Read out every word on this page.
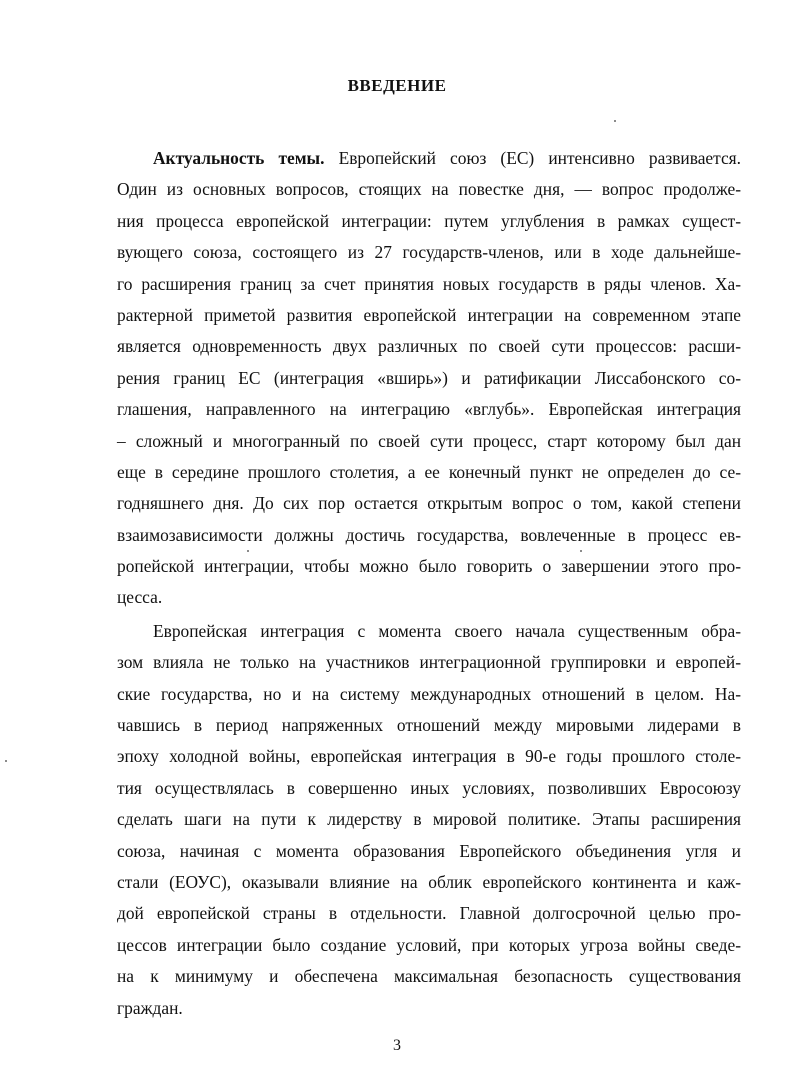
ВВЕДЕНИЕ
Актуальность темы. Европейский союз (ЕС) интенсивно развивается.
Один из основных вопросов, стоящих на повестке дня, — вопрос продолже-
ния процесса европейской интеграции: путем углубления в рамках сущест-
вующего союза, состоящего из 27 государств-членов, или в ходе дальнейше-
го расширения границ за счет принятия новых государств в ряды членов. Ха-
рактерной приметой развития европейской интеграции на современном этапе
является одновременность двух различных по своей сути процессов: расши-
рения границ ЕС (интеграция «вширь») и ратификации Лиссабонского со-
глашения, направленного на интеграцию «вглубь». Европейская интеграция
– сложный и многогранный по своей сути процесс, старт которому был дан
еще в середине прошлого столетия, а ее конечный пункт не определен до се-
годняшнего дня. До сих пор остается открытым вопрос о том, какой степени
взаимозависимости должны достичь государства, вовлеченные в процесс ев-
ропейской интеграции, чтобы можно было говорить о завершении этого про-
цесса.
Европейская интеграция с момента своего начала существенным обра-
зом влияла не только на участников интеграционной группировки и европей-
ские государства, но и на систему международных отношений в целом. На-
чавшись в период напряженных отношений между мировыми лидерами в
эпоху холодной войны, европейская интеграция в 90-е годы прошлого столе-
тия осуществлялась в совершенно иных условиях, позволивших Евросоюзу
сделать шаги на пути к лидерству в мировой политике. Этапы расширения
союза, начиная с момента образования Европейского объединения угля и
стали (ЕОУС), оказывали влияние на облик европейского континента и каж-
дой европейской страны в отдельности. Главной долгосрочной целью про-
цессов интеграции было создание условий, при которых угроза войны сведе-
на к минимуму и обеспечена максимальная безопасность существования
граждан.
3
